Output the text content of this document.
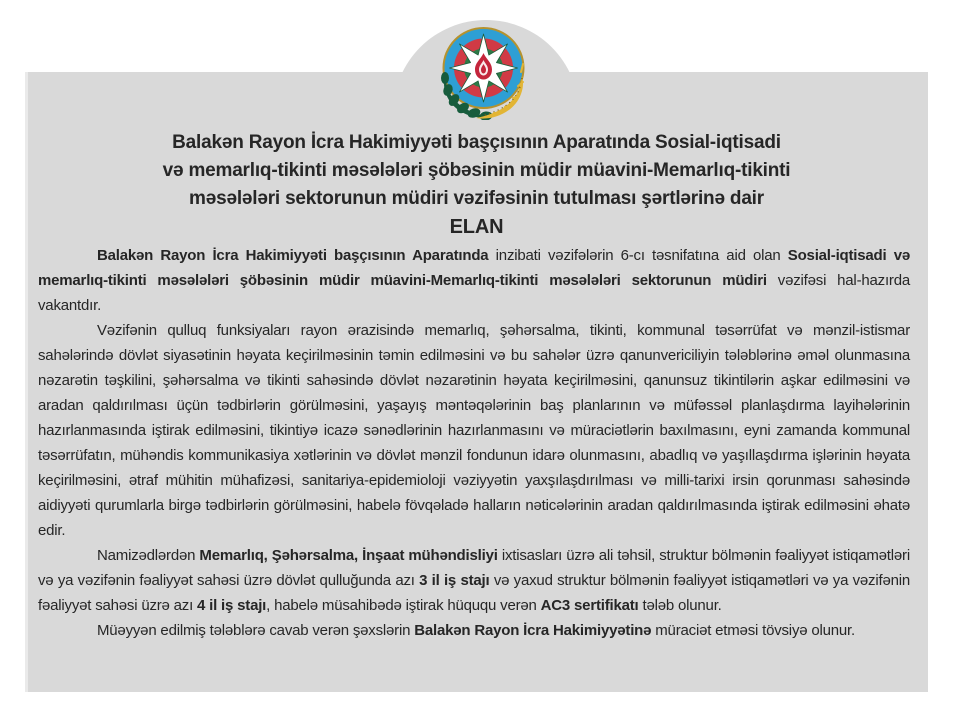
Balakən Rayon İcra Hakimiyyəti başçısının Aparatında Sosial-iqtisadi
və memarlıq-tikinti məsələləri şöbəsinin müdir müavini-Memarlıq-tikinti
məsələləri sektorunun müdiri vəzifəsinin tutulması şərtlərinə dair
ELAN

Balakən Rayon İcra Hakimiyyəti başçısının Aparatında inzibati vəzifələrin 6-cı təsnifatına aid olan Sosial-iqtisadi və memarlıq-tikinti məsələləri şöbəsinin müdir müavini-Memarlıq-tikinti məsələləri sektorunun müdiri vəzifəsi hal-hazırda vakantdır.

Vəzifənin qulluq funksiyaları rayon ərazisində memarlıq, şəhərsalma, tikinti, kommunal təsərrüfat və mənzil-istismar sahələrində dövlət siyasətinin həyata keçirilməsinin təmin edilməsini və bu sahələr üzrə qanunvericiliyin tələblərinə əməl olunmasına nəzarətin təşkilini, şəhərsalma və tikinti sahəsində dövlət nəzarətinin həyata keçirilməsini, qanunsuz tikintilərin aşkar edilməsini və aradan qaldırılması üçün tədbirlərin görülməsini, yaşayış məntəqələrinin baş planlarının və müfəssəl planlaşdırma layihələrinin hazırlanmasında iştirak edilməsini, tikintiyə icazə sənədlərinin hazırlanmasını və müraciətlərin baxılmasını, eyni zamanda kommunal təsərrüfatın, mühəndis kommunikasiya xətlərinin və dövlət mənzil fondunun idarə olunmasını, abadlıq və yaşıllaşdırma işlərinin həyata keçirilməsini, ətraf mühitin mühafizəsi, sanitariya-epidemioloji vəziyyətin yaxşılaşdırılması və milli-tarixi irsin qorunması sahəsində aidiyyəti qurumlarla birgə tədbirlərin görülməsini, habelə fövqəladə halların nəticələrinin aradan qaldırılmasında iştirak edilməsini əhatə edir.

Namizədlərdən Memarlıq, Şəhərsalma, İnşaat mühəndisliyi ixtisasları üzrə ali təhsil, struktur bölmənin fəaliyyət istiqamətləri və ya vəzifənin fəaliyyət sahəsi üzrə dövlət qulluğunda azı 3 il iş stajı və yaxud struktur bölmənin fəaliyyət istiqamətləri və ya vəzifənin fəaliyyət sahəsi üzrə azı 4 il iş stajı, habelə müsahibədə iştirak hüququ verən AC3 sertifikatı tələb olunur.

Müəyyən edilmiş tələblərə cavab verən şəxslərin Balakən Rayon İcra Hakimiyyətinə müraciət etməsi tövsiyə olunur.
